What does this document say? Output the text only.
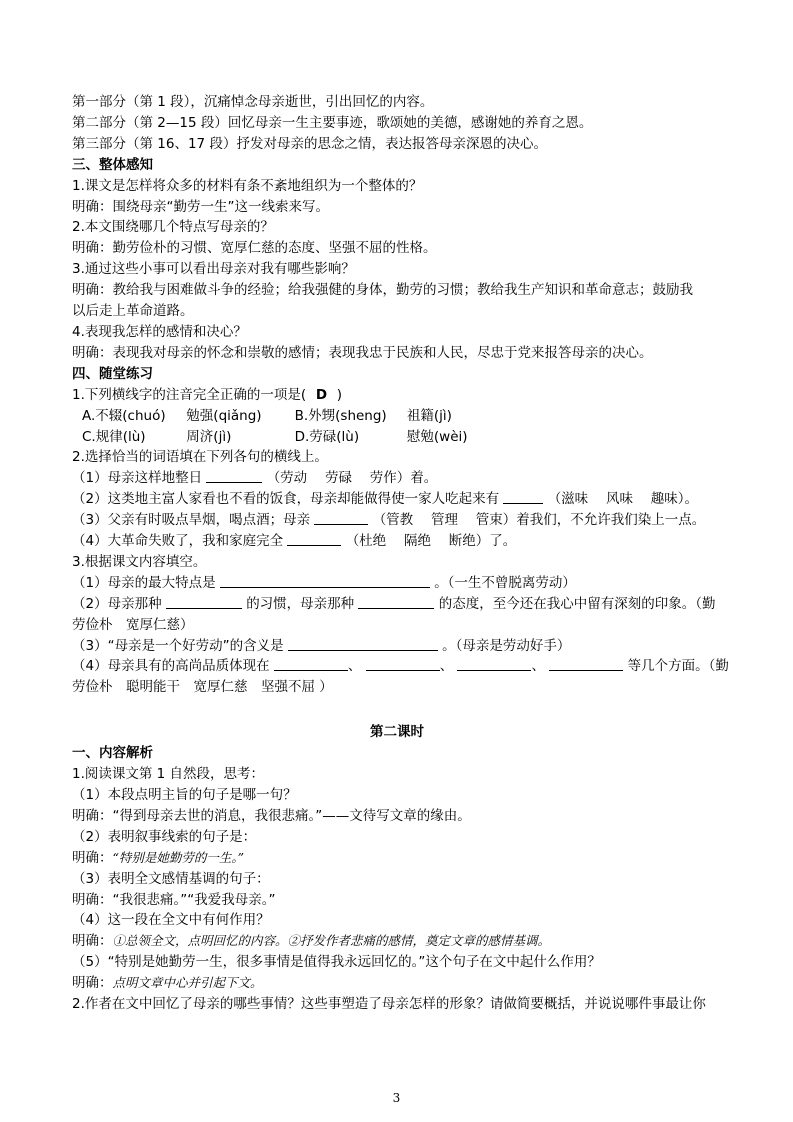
第一部分（第 1 段），沉痛悼念母亲逝世，引出回忆的内容。
第二部分（第 2—15 段）回忆母亲一生主要事迹，歌颂她的美德，感谢她的养育之恩。
第三部分（第 16、17 段）抒发对母亲的思念之情，表达报答母亲深恩的决心。
三、整体感知
1.课文是怎样将众多的材料有条不紊地组织为一个整体的？
明确：围绕母亲“勤劳一生”这一线索来写。
2.本文围绕哪几个特点写母亲的？
明确：勤劳俭朴的习惯、宽厚仁慈的态度、坚强不屈的性格。
3.通过这些小事可以看出母亲对我有哪些影响？
明确：教给我与困难做斗争的经验；给我强健的身体，勤劳的习惯；教给我生产知识和革命意志；鼓励我
以后走上革命道路。
4.表现我怎样的感情和决心？
明确：表现我对母亲的怀念和崇敬的感情；表现我忠于民族和人民，尽忠于党来报答母亲的决心。
四、随堂练习
1.下列横线字的注音完全正确的一项是( D )
A.不辍(chuó) 勉强(qiǎng) B.外甥(sheng) 祖籍(jì)
C.规律(lù)	周济(jì)	D.劳碌(lù)	慰勉(wèi)
2.选择恰当的词语填在下列各句的横线上。
（1）母亲这样地整日	（劳动　 劳碌　 劳作）着。
（2）这类地主富人家看也不看的饭食，母亲却能做得使一家人吃起来有	（滋味　 风味　 趣味）。
（3）父亲有时吸点旱烟，喝点酒；母亲	（管教　 管理　 管束）着我们，不允许我们染上一点。
（4）大革命失败了，我和家庭完全	（杜绝　 隔绝　 断绝）了。
3.根据课文内容填空。
（1）母亲的最大特点是	。（一生不曾脱离劳动）
（2）母亲那种	的习惯，母亲那种	的态度，至今还在我心中留有深刻的印象。（勤
劳俭朴　宽厚仁慈）
（3）“母亲是一个好劳动”的含义是	。（母亲是劳动好手）
（4）母亲具有的高尚品质体现在	、	、	、	等几个方面。（勤
劳俭朴　聪明能干　宽厚仁慈　坚强不屈 ）
第二课时
一、内容解析
1.阅读课文第 1 自然段，思考：
（1）本段点明主旨的句子是哪一句？
明确：“得到母亲去世的消息，我很悲痛。”——文待写文章的缘由。
（2）表明叙事线索的句子是：
明确：“特别是她勤劳的一生。”
（3）表明全文感情基调的句子：
明确：“我很悲痛。”“我爱我母亲。”
（4）这一段在全文中有何作用？
明确：①总领全文，点明回忆的内容。②抒发作者悲痛的感情，奠定文章的感情基调。
（5）“特别是她勤劳一生，很多事情是值得我永远回忆的。”这个句子在文中起什么作用？
明确：点明文章中心并引起下文。
2.作者在文中回忆了母亲的哪些事情？这些事塑造了母亲怎样的形象？请做简要概括，并说说哪件事最让你
3
